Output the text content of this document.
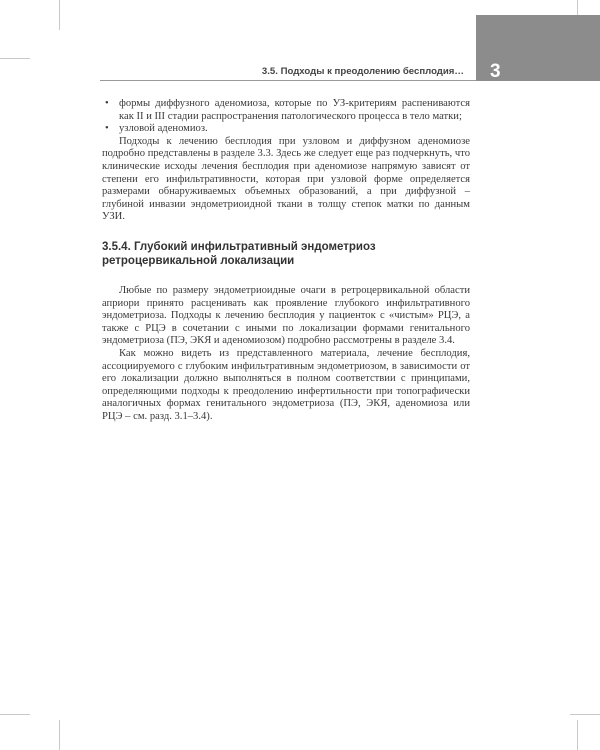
3
3.5. Подходы к преодолению бесплодия…
• формы диффузного аденомиоза, которые по УЗ-критериям распениваются как II и III стадии распространения патологического процесса в тело матки;
• узловой аденомиоз.

Подходы к лечению бесплодия при узловом и диффузном аденомиозе подробно представлены в разделе 3.3. Здесь же следует еще раз подчеркнуть, что клинические исходы лечения бесплодия при аденомиозе напрямую зависят от степени его инфильтративности, которая при узловой форме определяется размерами обнаруживаемых объемных образований, а при диффузной – глубиной инвазии эндометриоидной ткани в толщу степок матки по данным УЗИ.

3.5.4. Глубокий инфильтративный эндометриоз
ретроцервикальной локализации

Любые по размеру эндометриоидные очаги в ретроцервикальной области априори принято расценивать как проявление глубокого инфильтративного эндометриоза. Подходы к лечению бесплодия у пациенток с «чистым» РЦЭ, а также с РЦЭ в сочетании с иными по локализации формами генитального эндометриоза (ПЭ, ЭКЯ и аденомиозом) подробно рассмотрены в разделе 3.4.

Как можно видеть из представленного материала, лечение бесплодия, ассоциируемого с глубоким инфильтративным эндометриозом, в зависимости от его локализации должно выполняться в полном соответствии с принципами, определяющими подходы к преодолению инфертильности при топографически аналогичных формах генитального эндометриоза (ПЭ, ЭКЯ, аденомиоза или РЦЭ – см. разд. 3.1–3.4).
